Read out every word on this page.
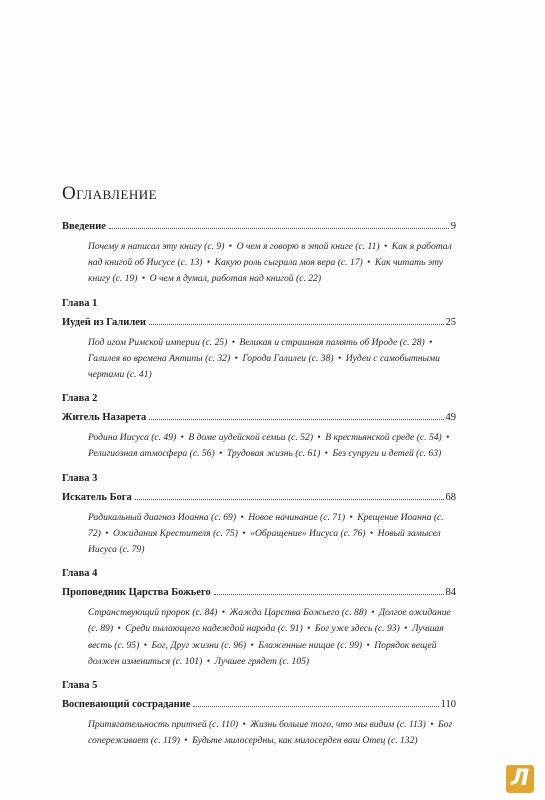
Оглавление
Введение	9
Почему я написал эту книгу (с. 9) • О чем я говорю в этой книге (с. 11) • Как я работал над книгой об Иисусе (с. 13) • Какую роль сыграла моя вера (с. 17) • Как читать эту книгу (с. 19) • О чем я думал, работая над книгой (с. 22)
Глава 1
Иудей из Галилеи	25
Под игом Римской империи (с. 25) • Великая и страшная память об Ироде (с. 28) • Галилея во времена Антипы (с. 32) • Города Галилеи (с. 38) • Иудеи с самобытными чертами (с. 41)
Глава 2
Житель Назарета	49
Родина Иисуса (с. 49) • В доме иудейской семьи (с. 52) • В крестьянской среде (с. 54) • Религиозная атмосфера (с. 56) • Трудовая жизнь (с. 61) • Без супруги и детей (с. 63)
Глава 3
Искатель Бога	68
Радикальный диагноз Иоанна (с. 69) • Новое начинание (с. 71) • Крещение Иоанна (с. 72) • Ожидания Крестителя (с. 75) • «Обращение» Иисуса (с. 76) • Новый замысел Иисуса (с. 79)
Глава 4
Проповедник Царства Божьего	84
Странствующий пророк (с. 84) • Жажда Царства Божьего (с. 88) • Долгое ожидание (с. 89) • Среди пылающего надеждой народа (с. 91) • Бог уже здесь (с. 93) • Лучшая весть (с. 95) • Бог, Друг жизни (с. 96) • Блаженные нищие (с. 99) • Порядок вещей должен измениться (с. 101) • Лучшее грядет (с. 105)
Глава 5
Воспевающий сострадание	110
Притягательность притчей (с. 110) • Жизнь больше того, что мы видим (с. 113) • Бог сопереживает (с. 119) • Будьте милосердны, как милосерден ваш Отец (с. 132)
Л
